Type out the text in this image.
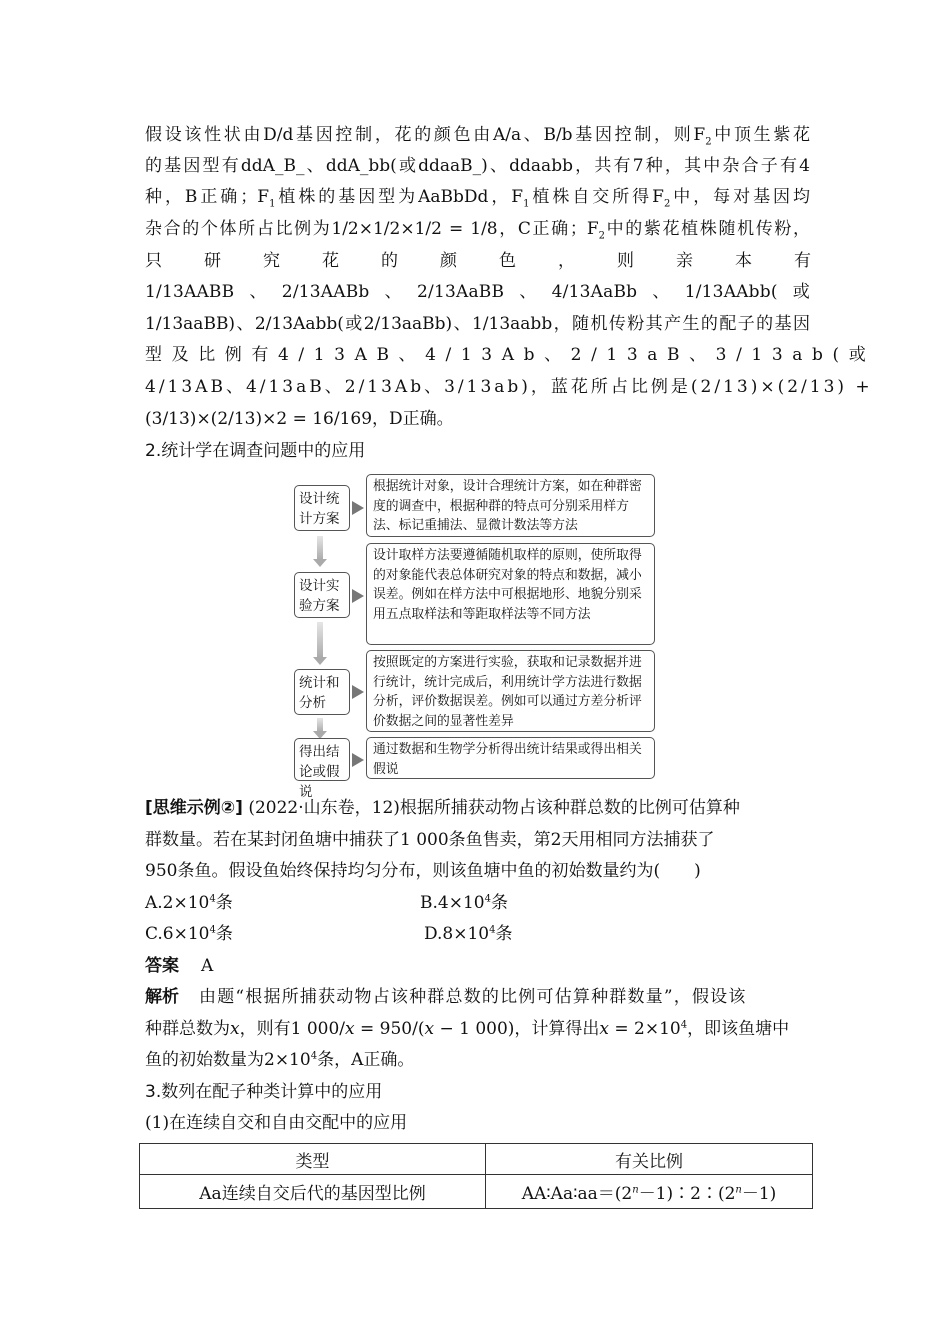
假设该性状由D/d基因控制，花的颜色由A/a、B/b基因控制，则$F_2$中顶生紫花
的基因型有ddA_B_、ddA_bb(或ddaaB_)、ddaabb，共有7种，其中杂合子有4
种，B正确；$F_1$植株的基因型为AaBbDd，$F_1$植株自交所得$F_2$中，每对基因均
杂合的个体所占比例为1/2×1/2×1/2 = 1/8，C正确；$F_2$中的紫花植株随机传粉，
只研究花的颜色，则亲本有
1/13AABB、2/13AABb、2/13AaBB、4/13AaBb、1/13AAbb(或
1/13aaBB)、2/13Aabb(或2/13aaBb)、1/13aabb，随机传粉其产生的配子的基因
型及比例有4/13AB、4/13Ab、2/13aB、3/13ab(或
4/13AB、4/13aB、2/13Ab、3/13ab)，蓝花所占比例是(2/13)×(2/13) +
(3/13)×(2/13)×2 = 16/169，D正确。
2.统计学在调查问题中的应用
设计统计方案
根据统计对象，设计合理统计方案，如在种群密度的调查中，根据种群的特点可分别采用样方法、标记重捕法、显微计数法等方法
设计实验方案
设计取样方法要遵循随机取样的原则，使所取得的对象能代表总体研究对象的特点和数据，减小误差。例如在样方法中可根据地形、地貌分别采用五点取样法和等距取样法等不同方法
统计和分析
按照既定的方案进行实验，获取和记录数据并进行统计，统计完成后，利用统计学方法进行数据分析，评价数据误差。例如可以通过方差分析评价数据之间的显著性差异
得出结论或假说
通过数据和生物学分析得出统计结果或得出相关假说
[思维示例②] (2022·山东卷，12)根据所捕获动物占该种群总数的比例可估算种
群数量。若在某封闭鱼塘中捕获了1 000条鱼售卖，第2天用相同方法捕获了
950条鱼。假设鱼始终保持均匀分布，则该鱼塘中鱼的初始数量约为(　　)
$A.2\times 10^4$条	$B.4\times 10^4$条
$C.6\times 10^4$条	$D.8\times 10^4$条
答案 A
解析 由题“根据所捕获动物占该种群总数的比例可估算种群数量”，假设该
种群总数为x，则有1 000/x = 950/(x − 1 000)，计算得出$x = 2\times 10^4$，即该鱼塘中
鱼的初始数量为$2\times 10^4$条，A正确。
3.数列在配子种类计算中的应用
(1)在连续自交和自由交配中的应用
类型	有关比例
Aa连续自交后代的基因型比例	$AA∶Aa∶aa=(2^n-1)∶2∶(2^n-1)$
